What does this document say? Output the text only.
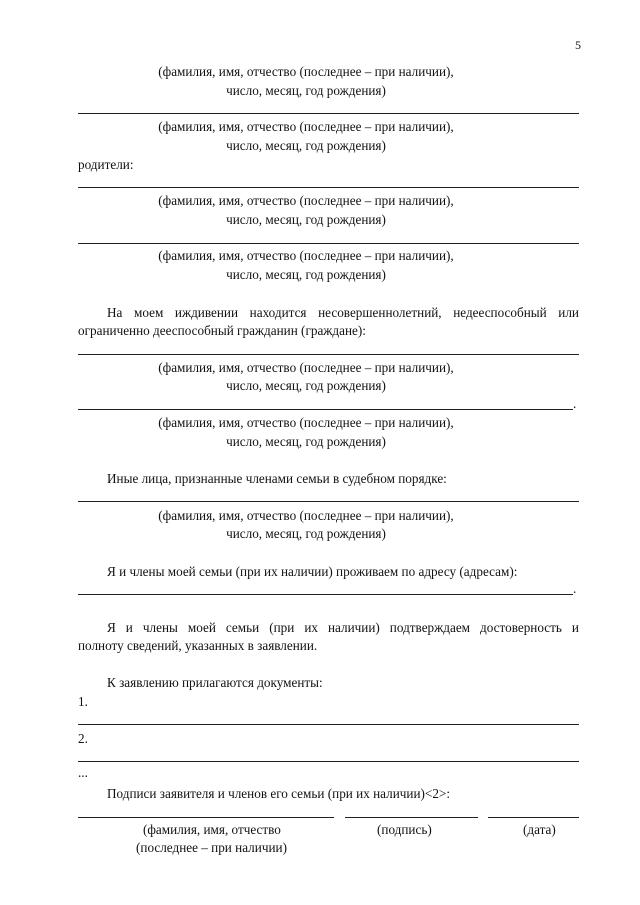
5
(фамилия, имя, отчество (последнее – при наличии),
число, месяц, год рождения)
(фамилия, имя, отчество (последнее – при наличии),
число, месяц, год рождения)
родители:
(фамилия, имя, отчество (последнее – при наличии),
число, месяц, год рождения)
(фамилия, имя, отчество (последнее – при наличии),
число, месяц, год рождения)
На моем иждивении находится несовершеннолетний, недееспособный или
ограниченно дееспособный гражданин (граждане):
(фамилия, имя, отчество (последнее – при наличии),
число, месяц, год рождения)
.
(фамилия, имя, отчество (последнее – при наличии),
число, месяц, год рождения)
Иные лица, признанные членами семьи в судебном порядке:
(фамилия, имя, отчество (последнее – при наличии),
число, месяц, год рождения)
Я и члены моей семьи (при их наличии) проживаем по адресу (адресам):
.
Я и члены моей семьи (при их наличии) подтверждаем достоверность и
полноту сведений, указанных в заявлении.
К заявлению прилагаются документы:
1.
2.
...
Подписи заявителя и членов его семьи (при их наличии)<2>:
(фамилия, имя, отчество
(последнее – при наличии)
(подпись)	(дата)
